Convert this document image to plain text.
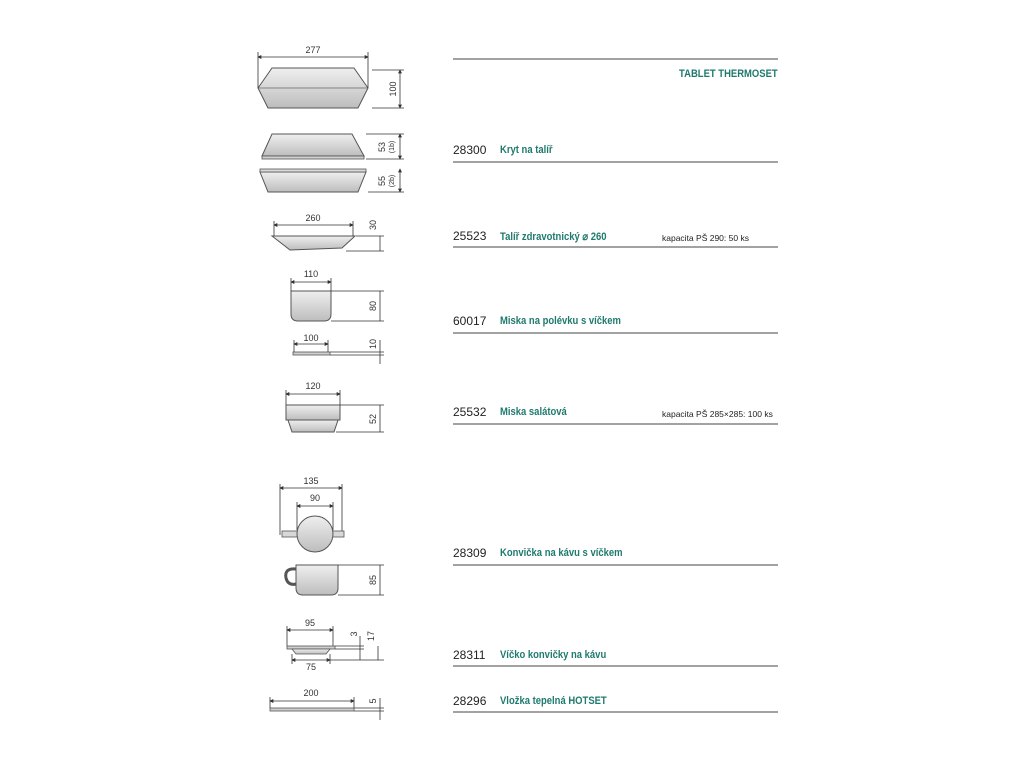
277
100
53 (1b)
55 (2b)
260
30
110
80
100
10
120
52
135
90
85
95
75
3 17
200
5
TABLET THERMOSET
28300 Kryt na talíř
25523 Talíř zdravotnický ⌀ 260	kapacita PŠ 290: 50 ks
60017 Miska na polévku s víčkem
25532 Miska salátová	kapacita PŠ 285×285: 100 ks
28309 Konvička na kávu s víčkem
28311 Víčko konvičky na kávu
28296 Vložka tepelná HOTSET
